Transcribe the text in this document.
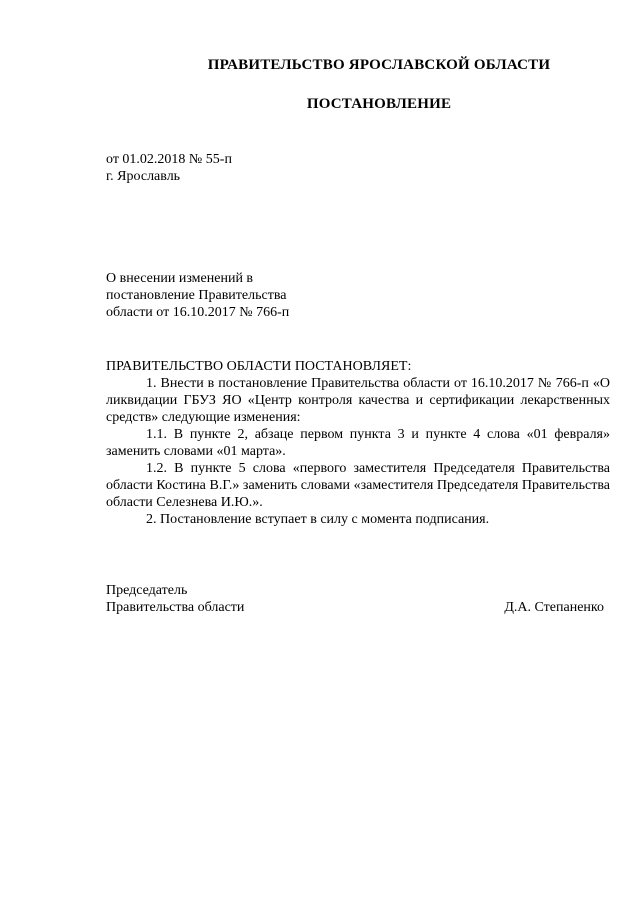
ПРАВИТЕЛЬСТВО ЯРОСЛАВСКОЙ ОБЛАСТИ
ПОСТАНОВЛЕНИЕ
от 01.02.2018 № 55-п
г. Ярославль
О внесении изменений в
постановление Правительства
области от 16.10.2017 № 766-п
ПРАВИТЕЛЬСТВО ОБЛАСТИ ПОСТАНОВЛЯЕТ:

1. Внести в постановление Правительства области от 16.10.2017 № 766-п «О ликвидации ГБУЗ ЯО «Центр контроля качества и сертификации лекарственных средств» следующие изменения:

1.1. В пункте 2, абзаце первом пункта 3 и пункте 4 слова «01 февраля» заменить словами «01 марта».

1.2. В пункте 5 слова «первого заместителя Председателя Правительства области Костина В.Г.» заменить словами «заместителя Председателя Правительства области Селезнева И.Ю.».

2. Постановление вступает в силу с момента подписания.

Председатель
Правительства области	Д.А. Степаненко
